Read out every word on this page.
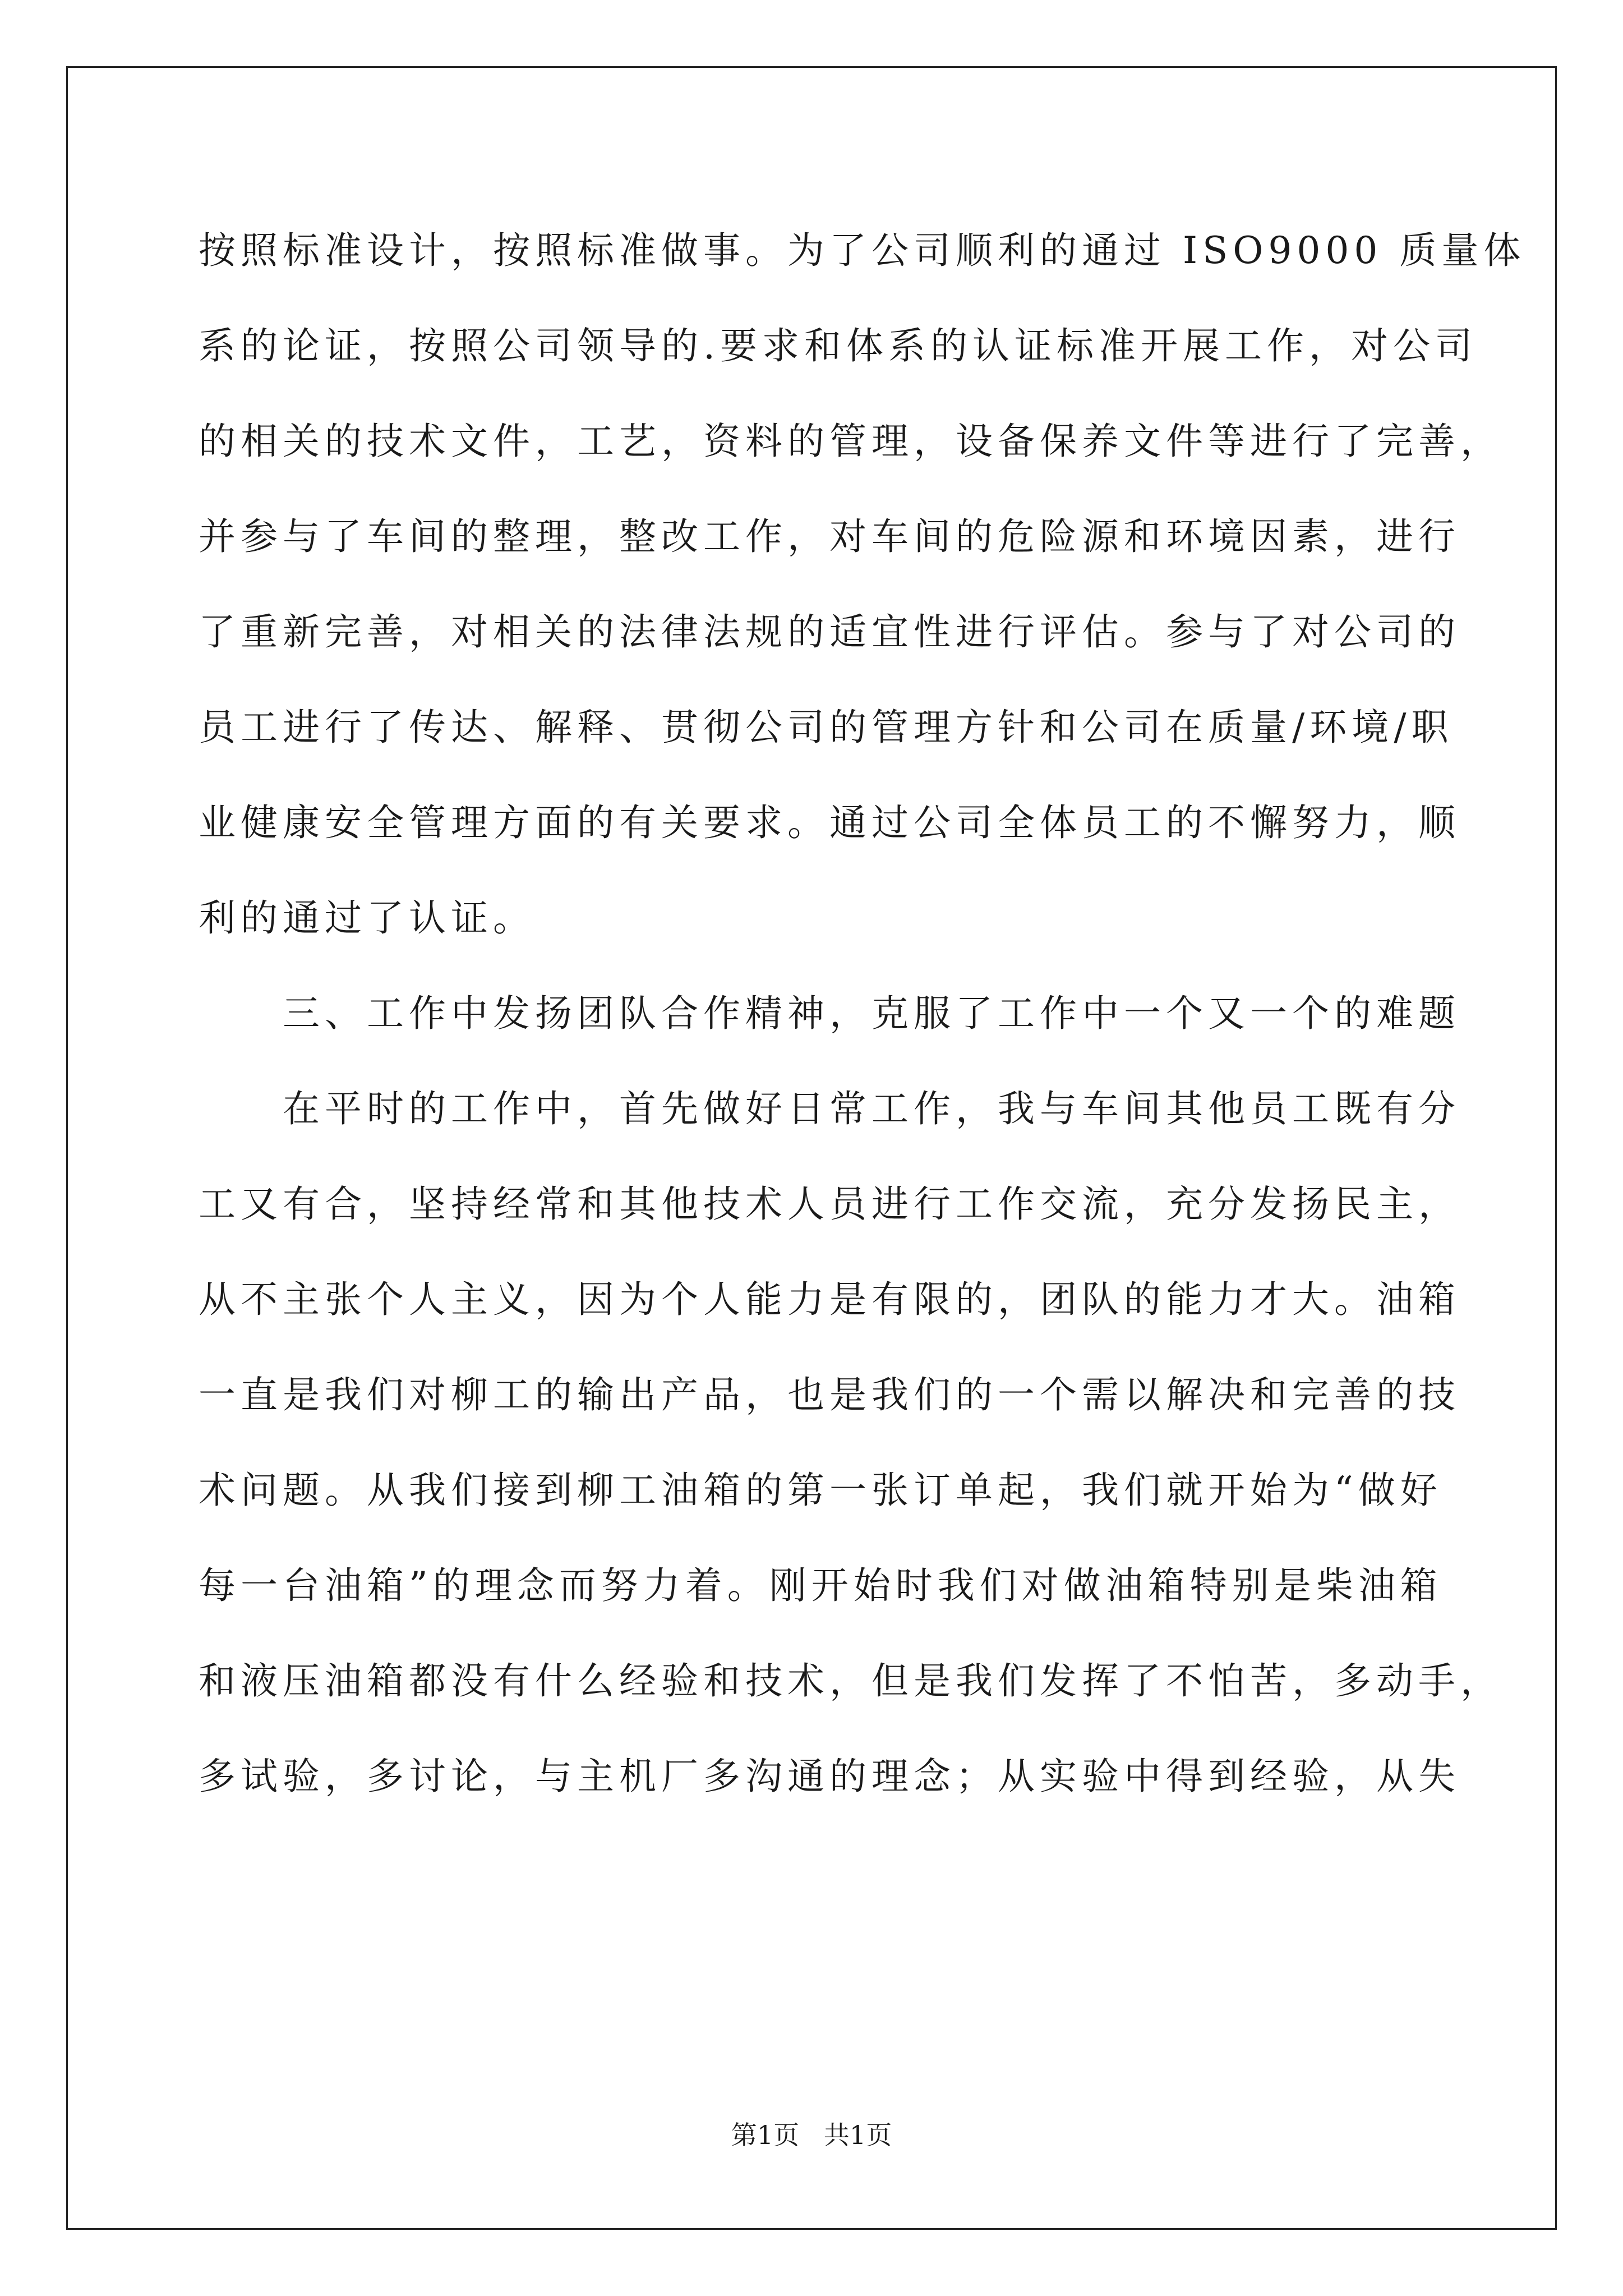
按照标准设计，按照标准做事。为了公司顺利的通过 ISO9000 质量体
系的论证，按照公司领导的.要求和体系的认证标准开展工作，对公司
的相关的技术文件，工艺，资料的管理，设备保养文件等进行了完善，
并参与了车间的整理，整改工作，对车间的危险源和环境因素，进行
了重新完善，对相关的法律法规的适宜性进行评估。参与了对公司的
员工进行了传达、解释、贯彻公司的管理方针和公司在质量/环境/职
业健康安全管理方面的有关要求。通过公司全体员工的不懈努力，顺
利的通过了认证。
三、工作中发扬团队合作精神，克服了工作中一个又一个的难题
在平时的工作中，首先做好日常工作，我与车间其他员工既有分
工又有合，坚持经常和其他技术人员进行工作交流，充分发扬民主，
从不主张个人主义，因为个人能力是有限的，团队的能力才大。油箱
一直是我们对柳工的输出产品，也是我们的一个需以解决和完善的技
术问题。从我们接到柳工油箱的第一张订单起，我们就开始为“做好
每一台油箱”的理念而努力着。刚开始时我们对做油箱特别是柴油箱
和液压油箱都没有什么经验和技术，但是我们发挥了不怕苦，多动手，
多试验，多讨论，与主机厂多沟通的理念；从实验中得到经验，从失
第1页   共1页
